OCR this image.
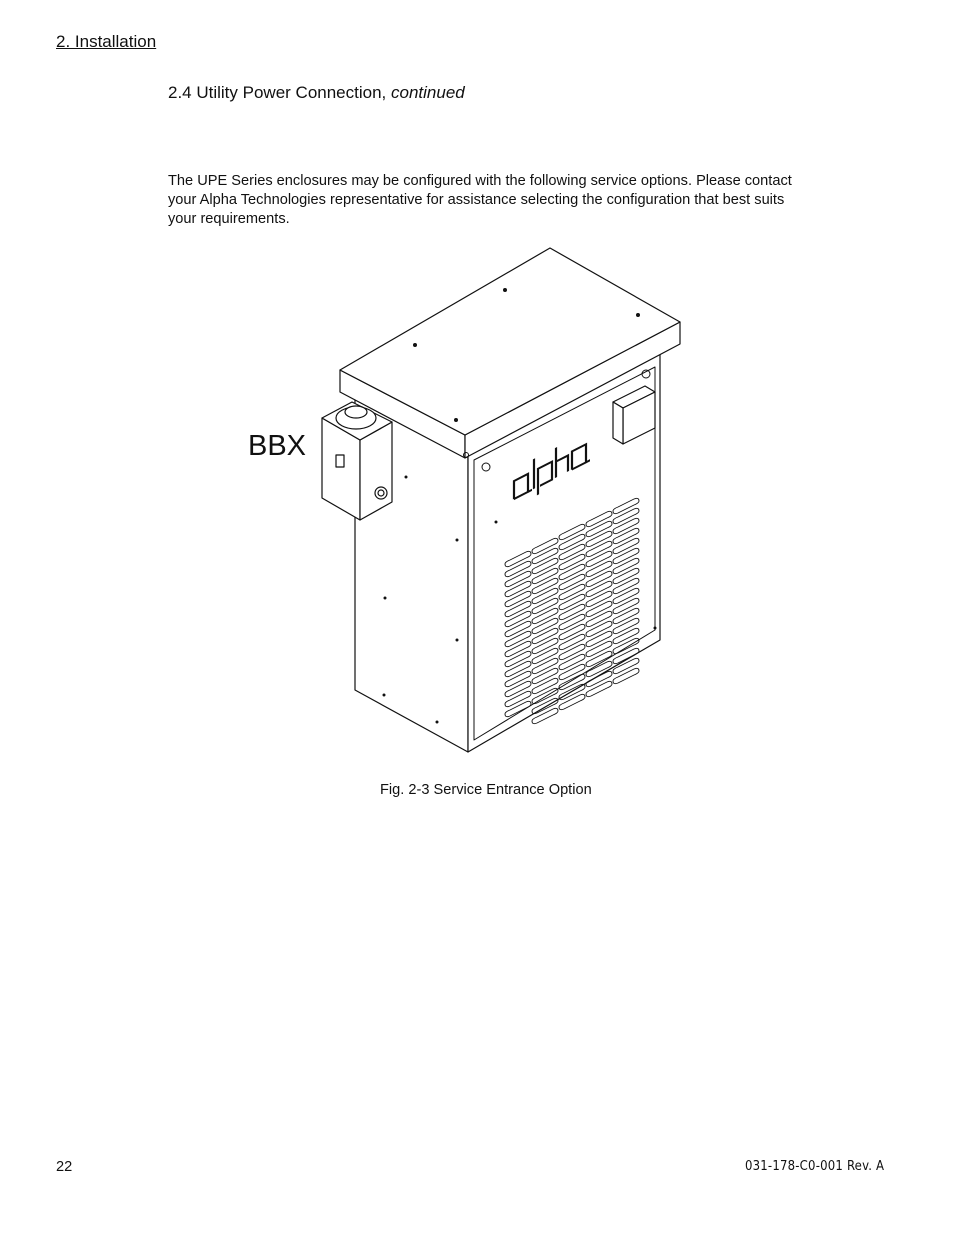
2. Installation
2.4 Utility Power Connection, continued
The UPE Series enclosures may be configured with the following service options. Please contact your Alpha Technologies representative for assistance selecting the configuration that best suits your requirements.
BBX
Fig. 2-3 Service Entrance Option
22	031-178-C0-001 Rev. A
